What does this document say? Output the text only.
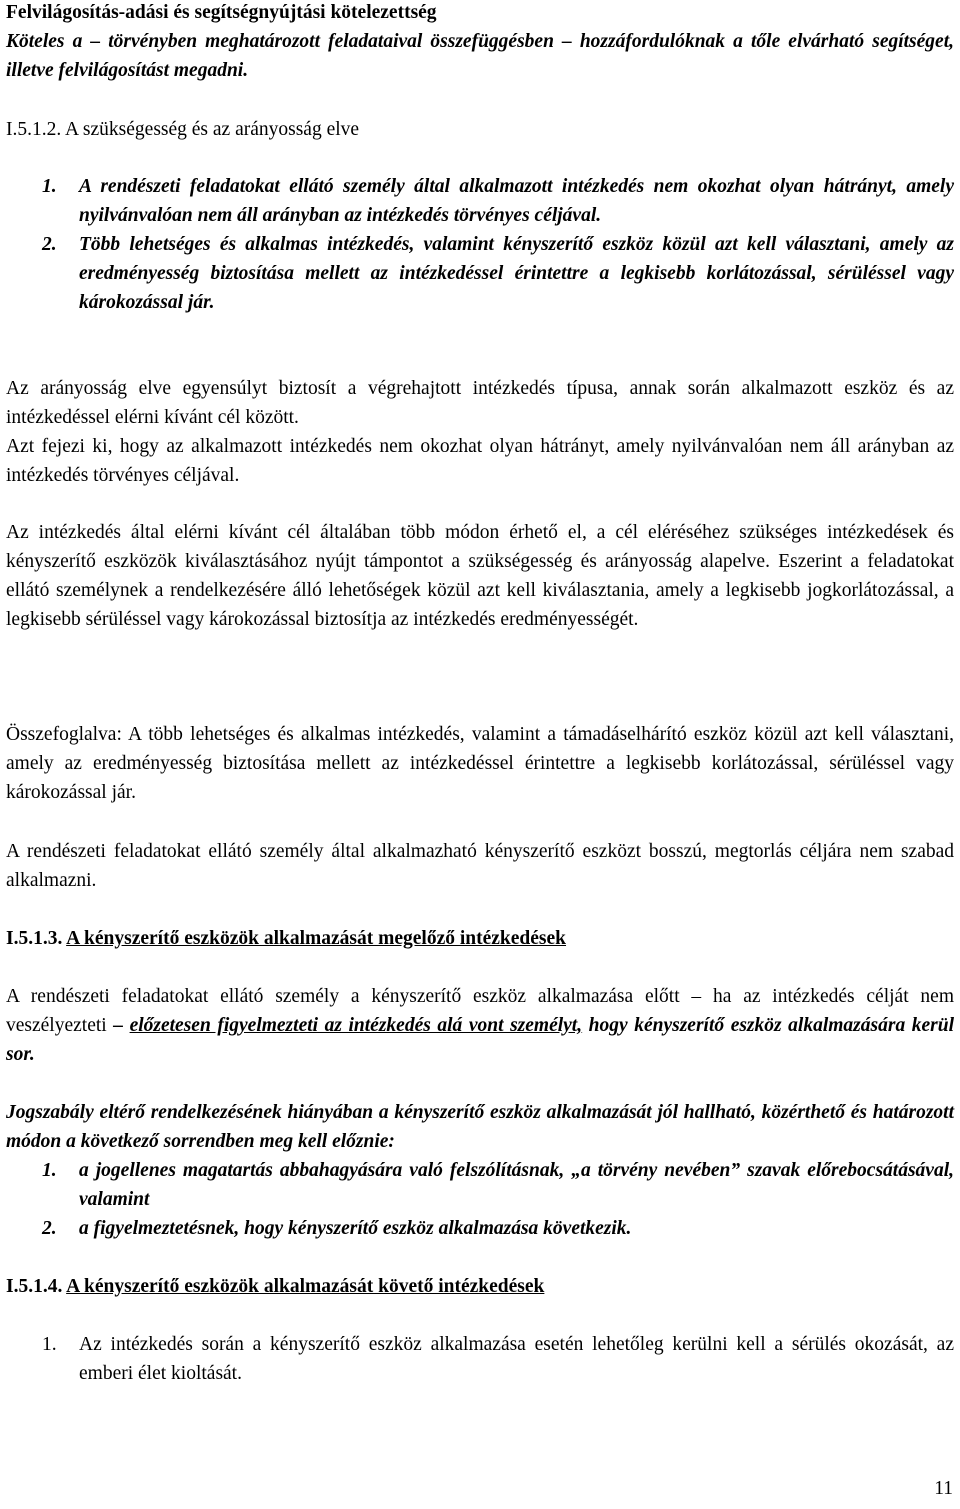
Felvilágosítás-adási és segítségnyújtási kötelezettség

Köteles a – törvényben meghatározott feladataival összefüggésben – hozzáfordulóknak a tőle elvárható segítséget, illetve felvilágosítást megadni.

I.5.1.2. A szükségesség és az arányosság elve
1.	A rendészeti feladatokat ellátó személy által alkalmazott intézkedés nem okozhat olyan hátrányt, amely nyilvánvalóan nem áll arányban az intézkedés törvényes céljával.
2.	Több lehetséges és alkalmas intézkedés, valamint kényszerítő eszköz közül azt kell választani, amely az eredményesség biztosítása mellett az intézkedéssel érintettre a legkisebb korlátozással, sérüléssel vagy károkozással jár.

Az arányosság elve egyensúlyt biztosít a végrehajtott intézkedés típusa, annak során alkalmazott eszköz és az intézkedéssel elérni kívánt cél között.

Azt fejezi ki, hogy az alkalmazott intézkedés nem okozhat olyan hátrányt, amely nyilvánvalóan nem áll arányban az intézkedés törvényes céljával.

Az intézkedés által elérni kívánt cél általában több módon érhető el, a cél eléréséhez szükséges intézkedések és kényszerítő eszközök kiválasztásához nyújt támpontot a szükségesség és arányosság alapelve. Eszerint a feladatokat ellátó személynek a rendelkezésére álló lehetőségek közül azt kell kiválasztania, amely a legkisebb jogkorlátozással, a legkisebb sérüléssel vagy károkozással biztosítja az intézkedés eredményességét.

Összefoglalva: A több lehetséges és alkalmas intézkedés, valamint a támadáselhárító eszköz közül azt kell választani, amely az eredményesség biztosítása mellett az intézkedéssel érintettre a legkisebb korlátozással, sérüléssel vagy károkozással jár.

A rendészeti feladatokat ellátó személy által alkalmazható kényszerítő eszközt bosszú, megtorlás céljára nem szabad alkalmazni.

I.5.1.3. A kényszerítő eszközök alkalmazását megelőző intézkedések

A rendészeti feladatokat ellátó személy a kényszerítő eszköz alkalmazása előtt – ha az intézkedés célját nem veszélyezteti – előzetesen figyelmezteti az intézkedés alá vont személyt, hogy kényszerítő eszköz alkalmazására kerül sor.

Jogszabály eltérő rendelkezésének hiányában a kényszerítő eszköz alkalmazását jól hallható, közérthető és határozott módon a következő sorrendben meg kell előznie:

1.	a jogellenes magatartás abbahagyására való felszólításnak, „a törvény nevében” szavak előrebocsátásával, valamint
2.	a figyelmeztetésnek, hogy kényszerítő eszköz alkalmazása következik.
I.5.1.4. A kényszerítő eszközök alkalmazását követő intézkedések
1.	Az intézkedés során a kényszerítő eszköz alkalmazása esetén lehetőleg kerülni kell a sérülés okozását, az emberi élet kioltását.
11
